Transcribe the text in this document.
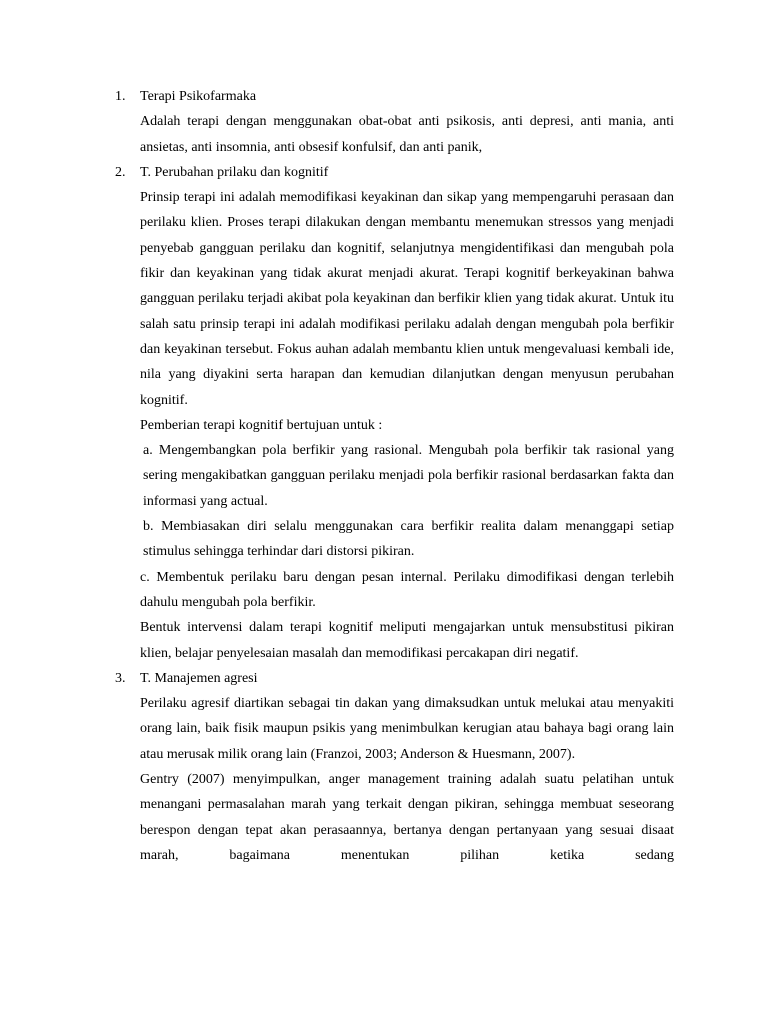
1. Terapi Psikofarmaka
Adalah terapi dengan menggunakan obat-obat anti psikosis, anti depresi, anti mania, anti ansietas, anti insomnia, anti obsesif konfulsif, dan anti panik,
2. T. Perubahan prilaku dan kognitif
Prinsip terapi ini adalah memodifikasi keyakinan dan sikap yang mempengaruhi perasaan dan perilaku klien. Proses terapi dilakukan dengan membantu menemukan stressos yang menjadi penyebab gangguan perilaku dan kognitif, selanjutnya mengidentifikasi dan mengubah pola fikir dan keyakinan yang tidak akurat menjadi akurat. Terapi kognitif berkeyakinan bahwa gangguan perilaku terjadi akibat pola keyakinan dan berfikir klien yang tidak akurat. Untuk itu salah satu prinsip terapi ini adalah modifikasi perilaku adalah dengan mengubah pola berfikir dan keyakinan tersebut. Fokus auhan adalah membantu klien untuk mengevaluasi kembali ide, nila yang diyakini serta harapan dan kemudian dilanjutkan dengan menyusun perubahan kognitif.
Pemberian terapi kognitif bertujuan untuk :
a. Mengembangkan pola berfikir yang rasional. Mengubah pola berfikir tak rasional yang sering mengakibatkan gangguan perilaku menjadi pola berfikir rasional berdasarkan fakta dan informasi yang actual.
b. Membiasakan diri selalu menggunakan cara berfikir realita dalam menanggapi setiap stimulus sehingga terhindar dari distorsi pikiran.
c. Membentuk perilaku baru dengan pesan internal. Perilaku dimodifikasi dengan terlebih dahulu mengubah pola berfikir.
Bentuk intervensi dalam terapi kognitif meliputi mengajarkan untuk mensubstitusi pikiran klien, belajar penyelesaian masalah dan memodifikasi percakapan diri negatif.
3. T. Manajemen agresi
Perilaku agresif diartikan sebagai tin dakan yang dimaksudkan untuk melukai atau menyakiti orang lain, baik fisik maupun psikis yang menimbulkan kerugian atau bahaya bagi orang lain atau merusak milik orang lain (Franzoi, 2003; Anderson & Huesmann, 2007).
Gentry (2007) menyimpulkan, anger management training adalah suatu pelatihan untuk menangani permasalahan marah yang terkait dengan pikiran, sehingga membuat seseorang berespon dengan tepat akan perasaannya, bertanya dengan pertanyaan yang sesuai disaat marah, bagaimana menentukan pilihan ketika sedang
